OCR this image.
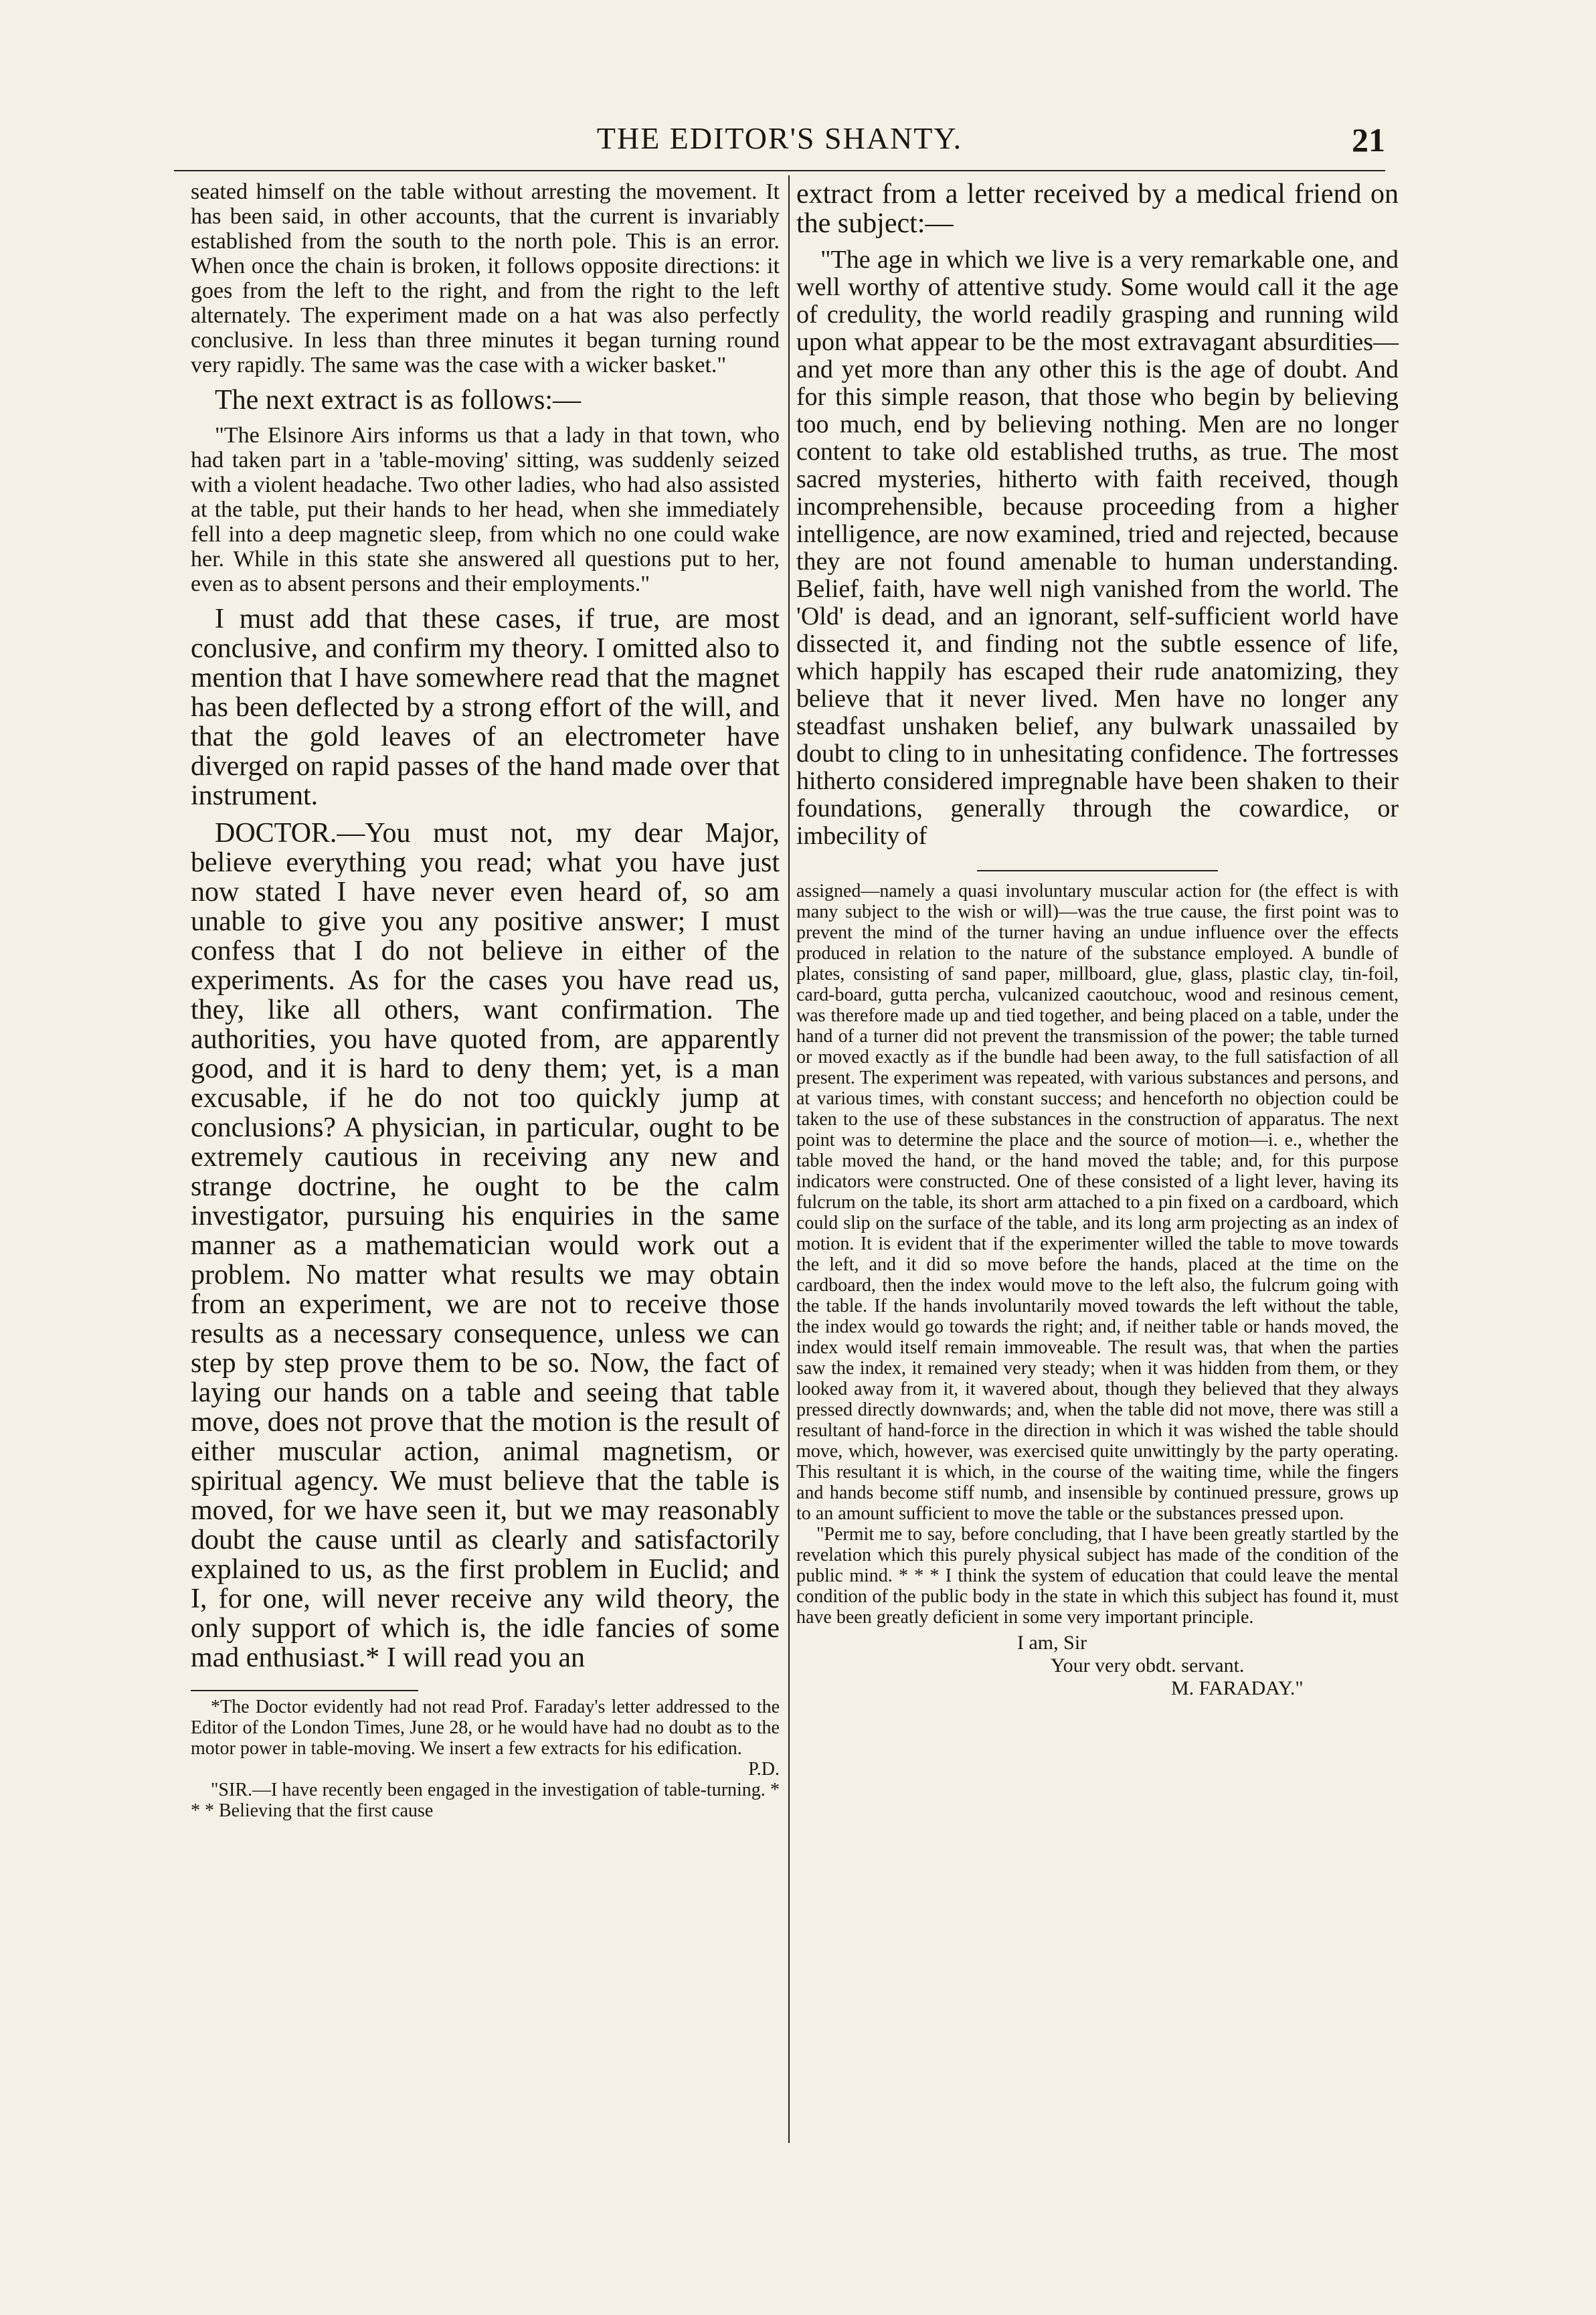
THE EDITOR'S SHANTY.	21

seated himself on the table without arresting the movement. It has been said, in other accounts, that the current is invariably established from the south to the north pole. This is an error. When once the chain is broken, it follows opposite directions: it goes from the left to the right, and from the right to the left alternately. The experiment made on a hat was also perfectly conclusive. In less than three minutes it began turning round very rapidly. The same was the case with a wicker basket."

The next extract is as follows:—

"The Elsinore Airs informs us that a lady in that town, who had taken part in a 'table-moving' sitting, was suddenly seized with a violent headache. Two other ladies, who had also assisted at the table, put their hands to her head, when she immediately fell into a deep magnetic sleep, from which no one could wake her. While in this state she answered all questions put to her, even as to absent persons and their employments."

I must add that these cases, if true, are most conclusive, and confirm my theory. I omitted also to mention that I have somewhere read that the magnet has been deflected by a strong effort of the will, and that the gold leaves of an electrometer have diverged on rapid passes of the hand made over that instrument.

DOCTOR.—You must not, my dear Major, believe everything you read; what you have just now stated I have never even heard of, so am unable to give you any positive answer; I must confess that I do not believe in either of the experiments. As for the cases you have read us, they, like all others, want confirmation. The authorities, you have quoted from, are apparently good, and it is hard to deny them; yet, is a man excusable, if he do not too quickly jump at conclusions? A physician, in particular, ought to be extremely cautious in receiving any new and strange doctrine, he ought to be the calm investigator, pursuing his enquiries in the same manner as a mathematician would work out a problem. No matter what results we may obtain from an experiment, we are not to receive those results as a necessary consequence, unless we can step by step prove them to be so. Now, the fact of laying our hands on a table and seeing that table move, does not prove that the motion is the result of either muscular action, animal magnetism, or spiritual agency. We must believe that the table is moved, for we have seen it, but we may reasonably doubt the cause until as clearly and satisfactorily explained to us, as the first problem in Euclid; and I, for one, will never receive any wild theory, the only support of which is, the idle fancies of some mad enthusiast.* I will read you an

*The Doctor evidently had not read Prof. Faraday's letter addressed to the Editor of the London Times, June 28, or he would have had no doubt as to the motor power in table-moving. We insert a few extracts for his edification.

P.D.

"SIR.—I have recently been engaged in the investigation of table-turning. * * * Believing that the first cause

extract from a letter received by a medical friend on the subject:—

"The age in which we live is a very remarkable one, and well worthy of attentive study. Some would call it the age of credulity, the world readily grasping and running wild upon what appear to be the most extravagant absurdities—and yet more than any other this is the age of doubt. And for this simple reason, that those who begin by believing too much, end by believing nothing. Men are no longer content to take old established truths, as true. The most sacred mysteries, hitherto with faith received, though incomprehensible, because proceeding from a higher intelligence, are now examined, tried and rejected, because they are not found amenable to human understanding. Belief, faith, have well nigh vanished from the world. The 'Old' is dead, and an ignorant, self-sufficient world have dissected it, and finding not the subtle essence of life, which happily has escaped their rude anatomizing, they believe that it never lived. Men have no longer any steadfast unshaken belief, any bulwark unassailed by doubt to cling to in unhesitating confidence. The fortresses hitherto considered impregnable have been shaken to their foundations, generally through the cowardice, or imbecility of

assigned—namely a quasi involuntary muscular action for (the effect is with many subject to the wish or will)—was the true cause, the first point was to prevent the mind of the turner having an undue influence over the effects produced in relation to the nature of the substance employed. A bundle of plates, consisting of sand paper, millboard, glue, glass, plastic clay, tin-foil, card-board, gutta percha, vulcanized caoutchouc, wood and resinous cement, was therefore made up and tied together, and being placed on a table, under the hand of a turner did not prevent the transmission of the power; the table turned or moved exactly as if the bundle had been away, to the full satisfaction of all present. The experiment was repeated, with various substances and persons, and at various times, with constant success; and henceforth no objection could be taken to the use of these substances in the construction of apparatus. The next point was to determine the place and the source of motion—i. e., whether the table moved the hand, or the hand moved the table; and, for this purpose indicators were constructed. One of these consisted of a light lever, having its fulcrum on the table, its short arm attached to a pin fixed on a cardboard, which could slip on the surface of the table, and its long arm projecting as an index of motion. It is evident that if the experimenter willed the table to move towards the left, and it did so move before the hands, placed at the time on the cardboard, then the index would move to the left also, the fulcrum going with the table. If the hands involuntarily moved towards the left without the table, the index would go towards the right; and, if neither table or hands moved, the index would itself remain immoveable. The result was, that when the parties saw the index, it remained very steady; when it was hidden from them, or they looked away from it, it wavered about, though they believed that they always pressed directly downwards; and, when the table did not move, there was still a resultant of hand-force in the direction in which it was wished the table should move, which, however, was exercised quite unwittingly by the party operating. This resultant it is which, in the course of the waiting time, while the fingers and hands become stiff numb, and insensible by continued pressure, grows up to an amount sufficient to move the table or the substances pressed upon.

"Permit me to say, before concluding, that I have been greatly startled by the revelation which this purely physical subject has made of the condition of the public mind. * * * I think the system of education that could leave the mental condition of the public body in the state in which this subject has found it, must have been greatly deficient in some very important principle.

I am, Sir

Your very obdt. servant.

M. FARADAY."
